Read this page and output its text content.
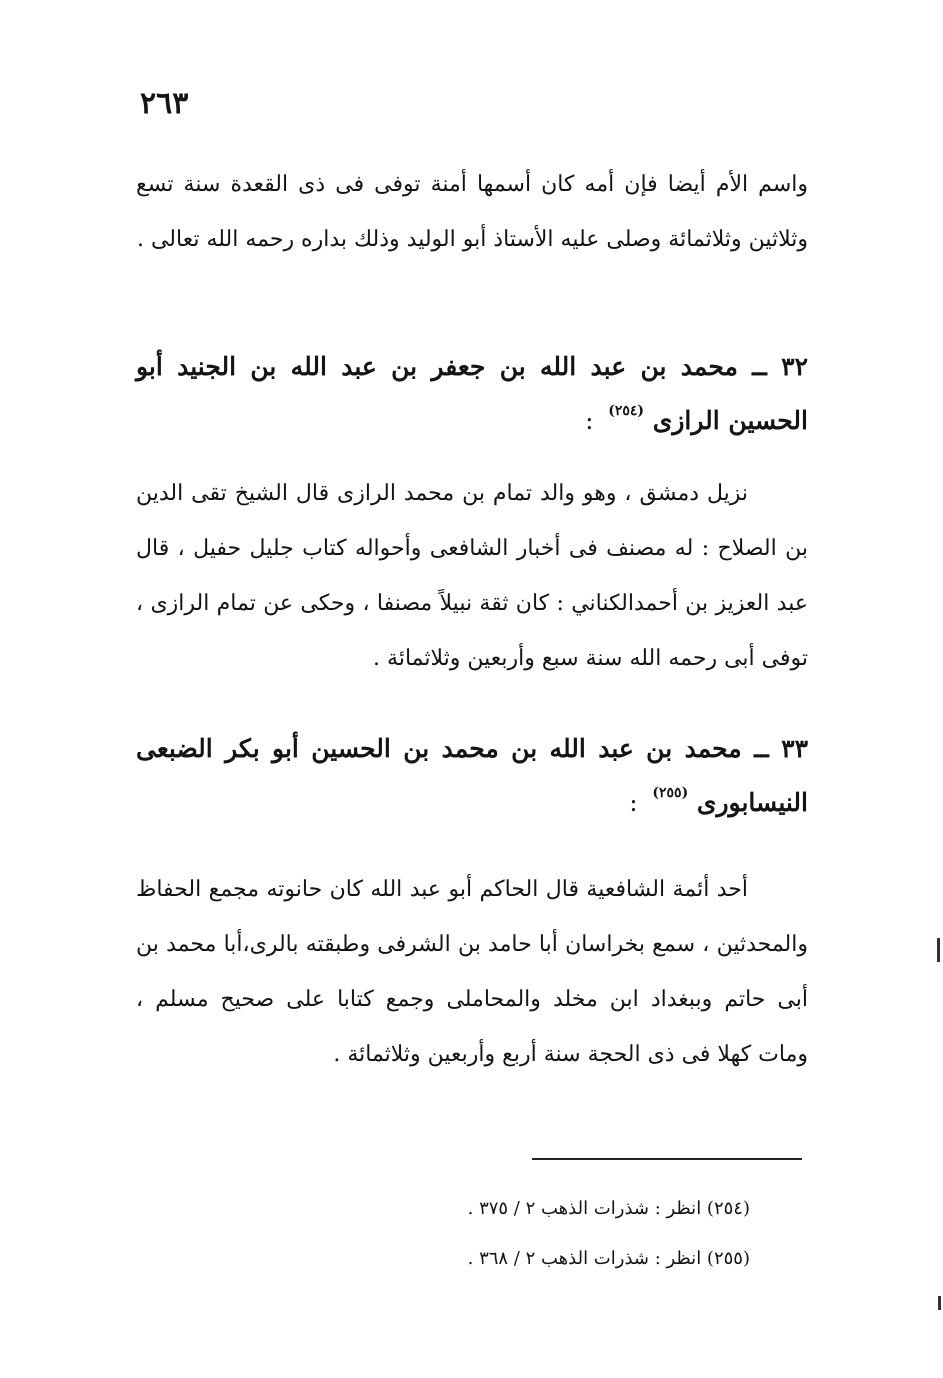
٢٦٣
واسم الأم أيضا فإن أمه كان أسمها أمنة توفى فى ذى القعدة سنة تسع وثلاثين وثلاثمائة وصلى عليه الأستاذ أبو الوليد وذلك بداره رحمه الله تعالى .
٣٢ ــ محمد بن عبد الله بن جعفر بن عبد الله بن الجنيد أبو الحسين الرازى $^{(٢٥٤)}$ :
نزيل دمشق ، وهو والد تمام بن محمد الرازى قال الشيخ تقى الدين بن الصلاح : له مصنف فى أخبار الشافعى وأحواله كتاب جليل حفيل ، قال عبد العزيز بن أحمدالكناني : كان ثقة نبيلاً مصنفا ، وحكى عن تمام الرازى ، توفى أبى رحمه الله سنة سبع وأربعين وثلاثمائة .
٣٣ ــ محمد بن عبد الله بن محمد بن الحسين أبو بكر الضبعى النيسابورى $^{(٢٥٥)}$ :
أحد أئمة الشافعية قال الحاكم أبو عبد الله كان حانوته مجمع الحفاظ والمحدثين ، سمع بخراسان أبا حامد بن الشرفى وطبقته بالرى،أبا محمد بن أبى حاتم وببغداد ابن مخلد والمحاملى وجمع كتابا على صحيح مسلم ، ومات كهلا فى ذى الحجة سنة أربع وأربعين وثلاثمائة .
(٢٥٤) انظر : شذرات الذهب ٢ / ٣٧٥ .
(٢٥٥) انظر : شذرات الذهب ٢ / ٣٦٨ .
